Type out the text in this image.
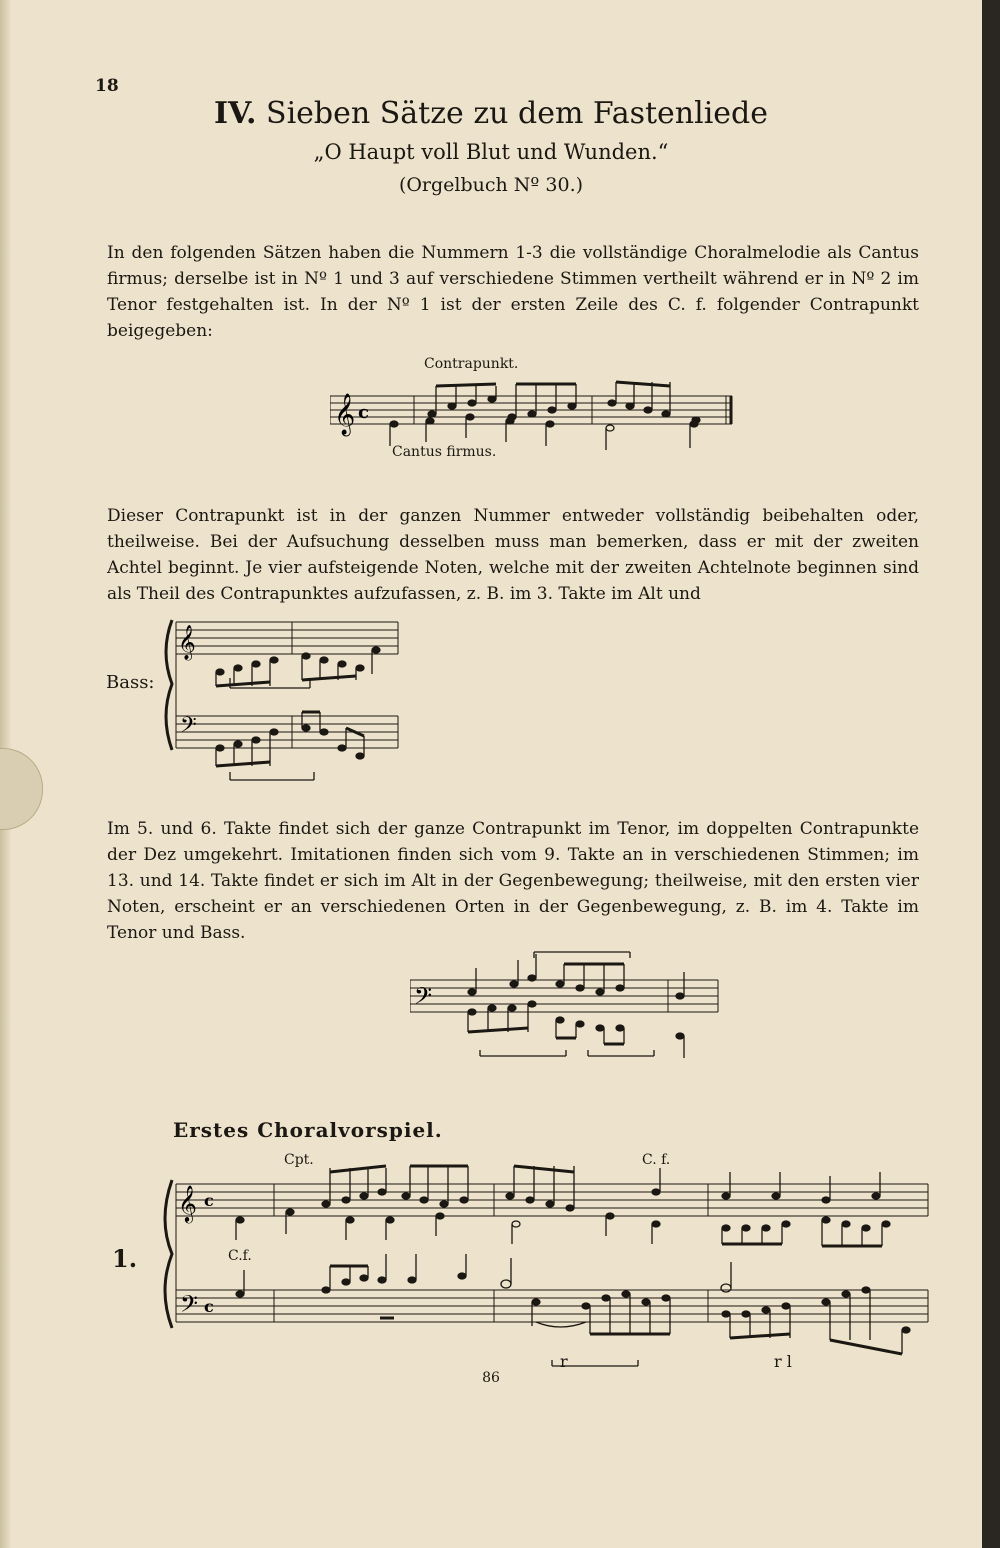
18
IV. Sieben Sätze zu dem Fastenliede
„O Haupt voll Blut und Wunden.“
(Orgelbuch Nº 30.)
In den folgenden Sätzen haben die Nummern 1-3 die vollständige Choralmelodie als Cantus firmus; derselbe ist in Nº 1 und 3 auf verschiedene Stimmen vertheilt während er in Nº 2 im Tenor festgehalten ist. In der Nº 1 ist der ersten Zeile des C. f. folgender Contrapunkt beigegeben:
Contrapunkt.
𝄞 c
Cantus firmus.
Dieser Contrapunkt ist in der ganzen Nummer entweder vollständig beibehalten oder, theilweise. Bei der Aufsuchung desselben muss man bemerken, dass er mit der zweiten Achtel beginnt. Je vier aufsteigende Noten, welche mit der zweiten Achtelnote beginnen sind als Theil des Contrapunktes aufzufassen, z. B. im 3. Takte im Alt und
Bass:
𝄞
𝄢
Im 5. und 6. Takte findet sich der ganze Contrapunkt im Tenor, im doppelten Contrapunkte der Dez umgekehrt. Imitationen finden sich vom 9. Takte an in verschiedenen Stimmen; im 13. und 14. Takte findet er sich im Alt in der Gegenbewegung; theilweise, mit den ersten vier Noten, erscheint er an verschiedenen Orten in der Gegenbewegung, z. B. im 4. Takte im Tenor und Bass.
𝄢
Erstes Choralvorspiel.
1.
Cpt.	C. f.
C.f.
𝄞
𝄢
c
c
r	r l
86
